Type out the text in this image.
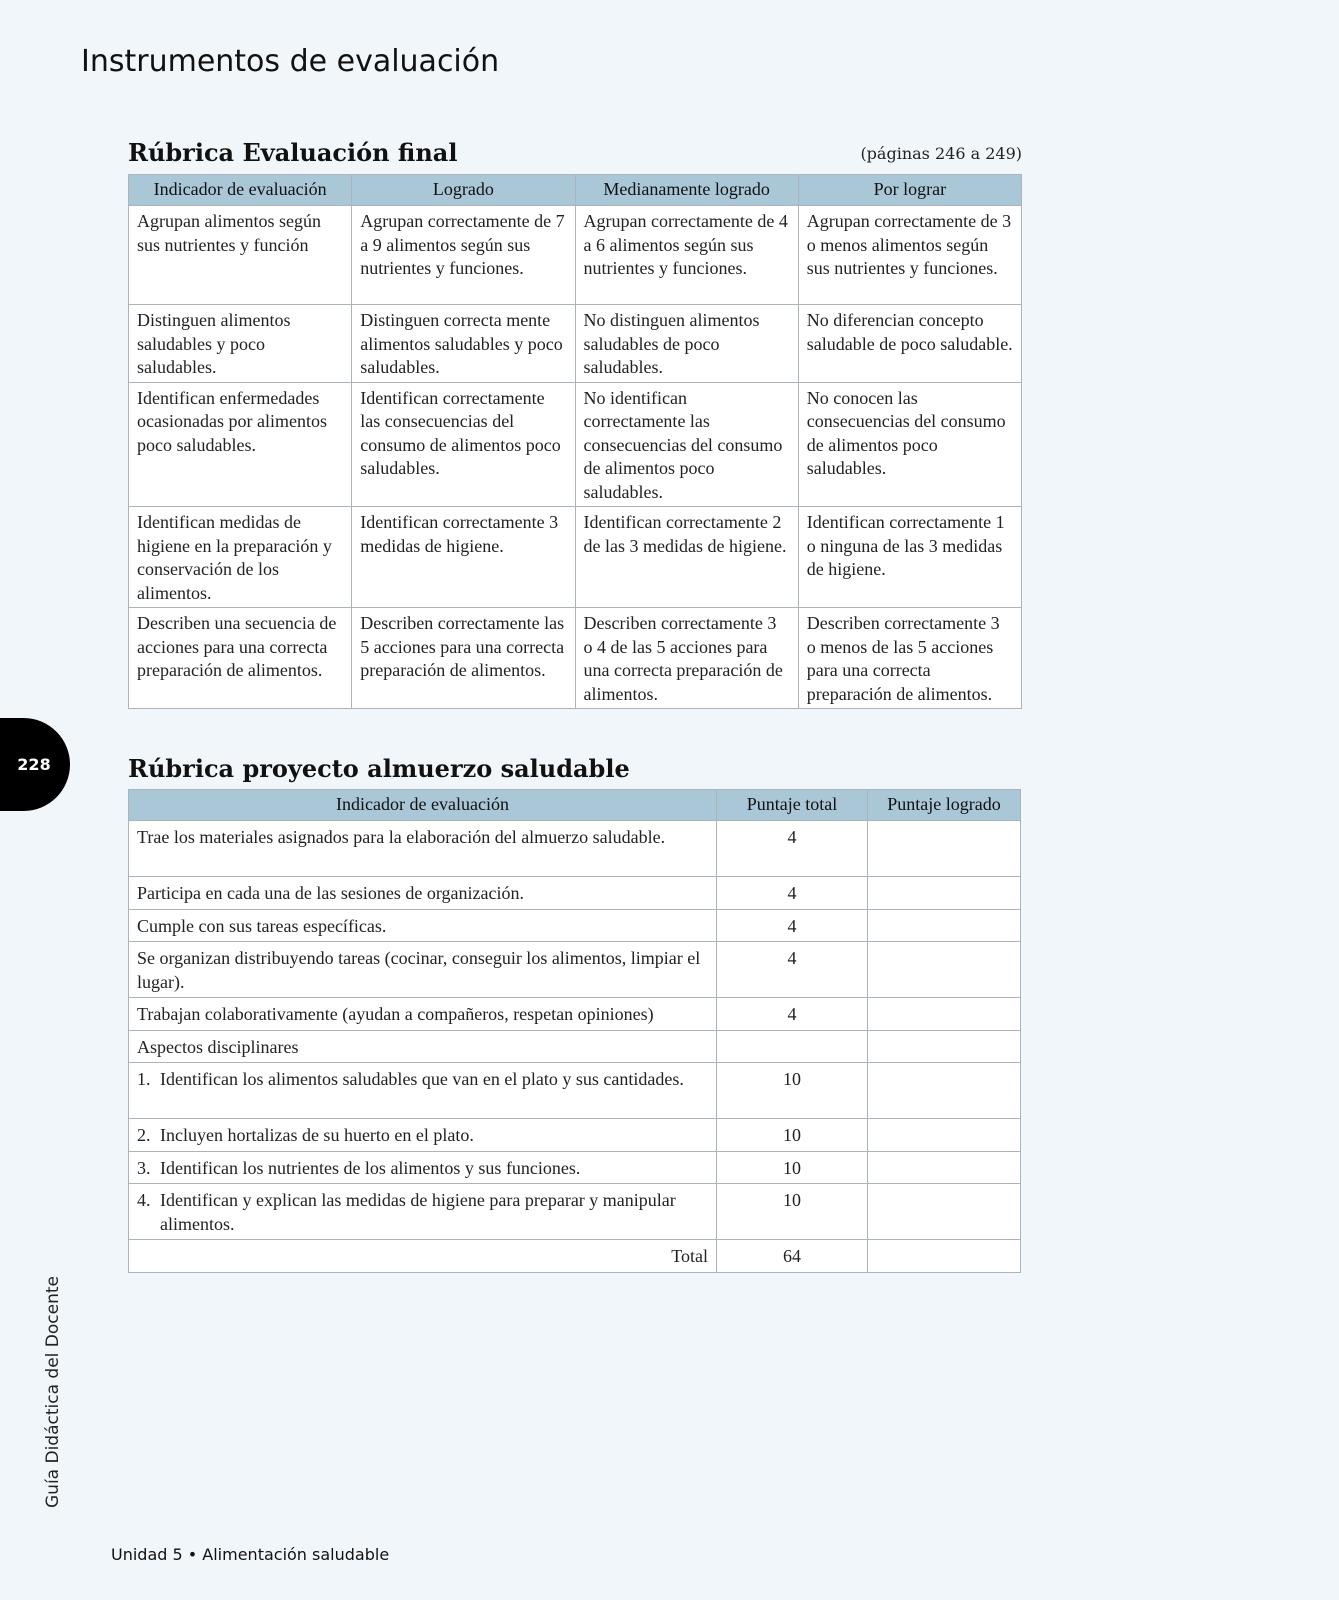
Instrumentos de evaluación
Rúbrica Evaluación final	(páginas 246 a 249)
Indicador de evaluación	Logrado	Medianamente logrado	Por lograr
Agrupan alimentos según sus nutrientes y función	Agrupan correctamente de 7 a 9 alimentos según sus nutrientes y funciones.	Agrupan correctamente de 4 a 6 alimentos según sus nutrientes y funciones.	Agrupan correctamente de 3 o menos alimentos según sus nutrientes y funciones.
Distinguen alimentos saludables y poco saludables.	Distinguen correcta mente alimentos saludables y poco saludables.	No distinguen alimentos saludables de poco saludables.	No diferencian concepto saludable de poco saludable.
Identifican enfermedades ocasionadas por alimentos poco saludables.	Identifican correctamente las consecuencias del consumo de alimentos poco saludables.	No identifican correctamente las consecuencias del consumo de alimentos poco saludables.	No conocen las consecuencias del consumo de alimentos poco saludables.
Identifican medidas de higiene en la preparación y conservación de los alimentos.	Identifican correctamente 3 medidas de higiene.	Identifican correctamente 2 de las 3 medidas de higiene.	Identifican correctamente 1 o ninguna de las 3 medidas de higiene.
Describen una secuencia de acciones para una correcta preparación de alimentos.	Describen correctamente las 5 acciones para una correcta preparación de alimentos.	Describen correctamente 3 o 4 de las 5 acciones para una correcta preparación de alimentos.	Describen correctamente 3 o menos de las 5 acciones para una correcta preparación de alimentos.
228	Rúbrica proyecto almuerzo saludable
Indicador de evaluación	Puntaje total	Puntaje logrado
Trae los materiales asignados para la elaboración del almuerzo saludable.	4	
Participa en cada una de las sesiones de organización.	4	
Cumple con sus tareas específicas.	4	
Se organizan distribuyendo tareas (cocinar, conseguir los alimentos, limpiar el lugar).	4	
Trabajan colaborativamente (ayudan a compañeros, respetan opiniones)	4	
Aspectos disciplinares		
1. Identifican los alimentos saludables que van en el plato y sus cantidades.	10	
2. Incluyen hortalizas de su huerto en el plato.	10	
3. Identifican los nutrientes de los alimentos y sus funciones.	10	
4. Identifican y explican las medidas de higiene para preparar y manipular alimentos.	10	
Total	64	
Guía Didáctica del Docente
Unidad 5 • Alimentación saludable
